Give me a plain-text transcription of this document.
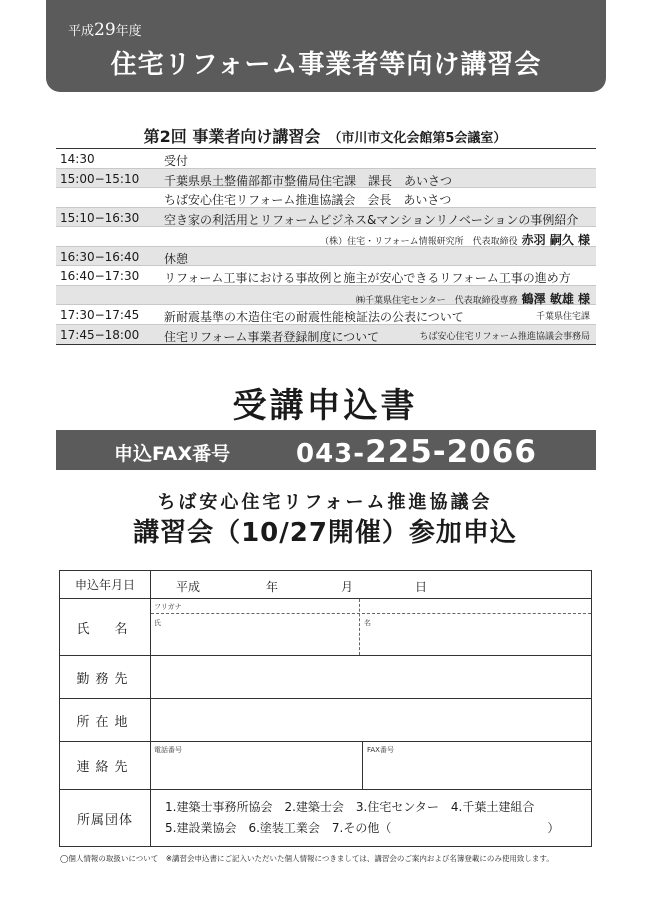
平成29年度
住宅リフォーム事業者等向け講習会
第2回 事業者向け講習会 （市川市文化会館第5会議室）
14:30	受付
15:00−15:10 千葉県県土整備部都市整備局住宅課　課長　あいさつ
ちば安心住宅リフォーム推進協議会　会長　あいさつ
15:10−16:30 空き家の利活用とリフォームビジネス&マンションリノベーションの事例紹介
（株）住宅・リフォーム情報研究所　代表取締役 赤羽 嗣久 様
16:30−16:40 休憩
16:40−17:30 リフォーム工事における事故例と施主が安心できるリフォーム工事の進め方
㈱千葉県住宅センター　代表取締役専務 鶴澤 敏雄 様
17:30−17:45 新耐震基準の木造住宅の耐震性能検証法の公表について	千葉県住宅課
17:45−18:00 住宅リフォーム事業者登録制度について	ちば安心住宅リフォーム推進協議会事務局
受講申込書
申込FAX番号	043-225-2066
ちば安心住宅リフォーム推進協議会
講習会（10/27開催）参加申込
申込年月日	平成	年	月	日
氏　名
フリガナ
氏	名
勤務先
所在地
連絡先
電話番号	FAX番号
所属団体
1.建築士事務所協会　2.建築士会　3.住宅センター　4.千葉土建組合
5.建設業協会　6.塗装工業会　7.その他（　　　　　　　　　　　　　）
◯個人情報の取扱いについて　※講習会申込書にご記入いただいた個人情報につきましては、講習会のご案内および名簿登載にのみ使用致します。
